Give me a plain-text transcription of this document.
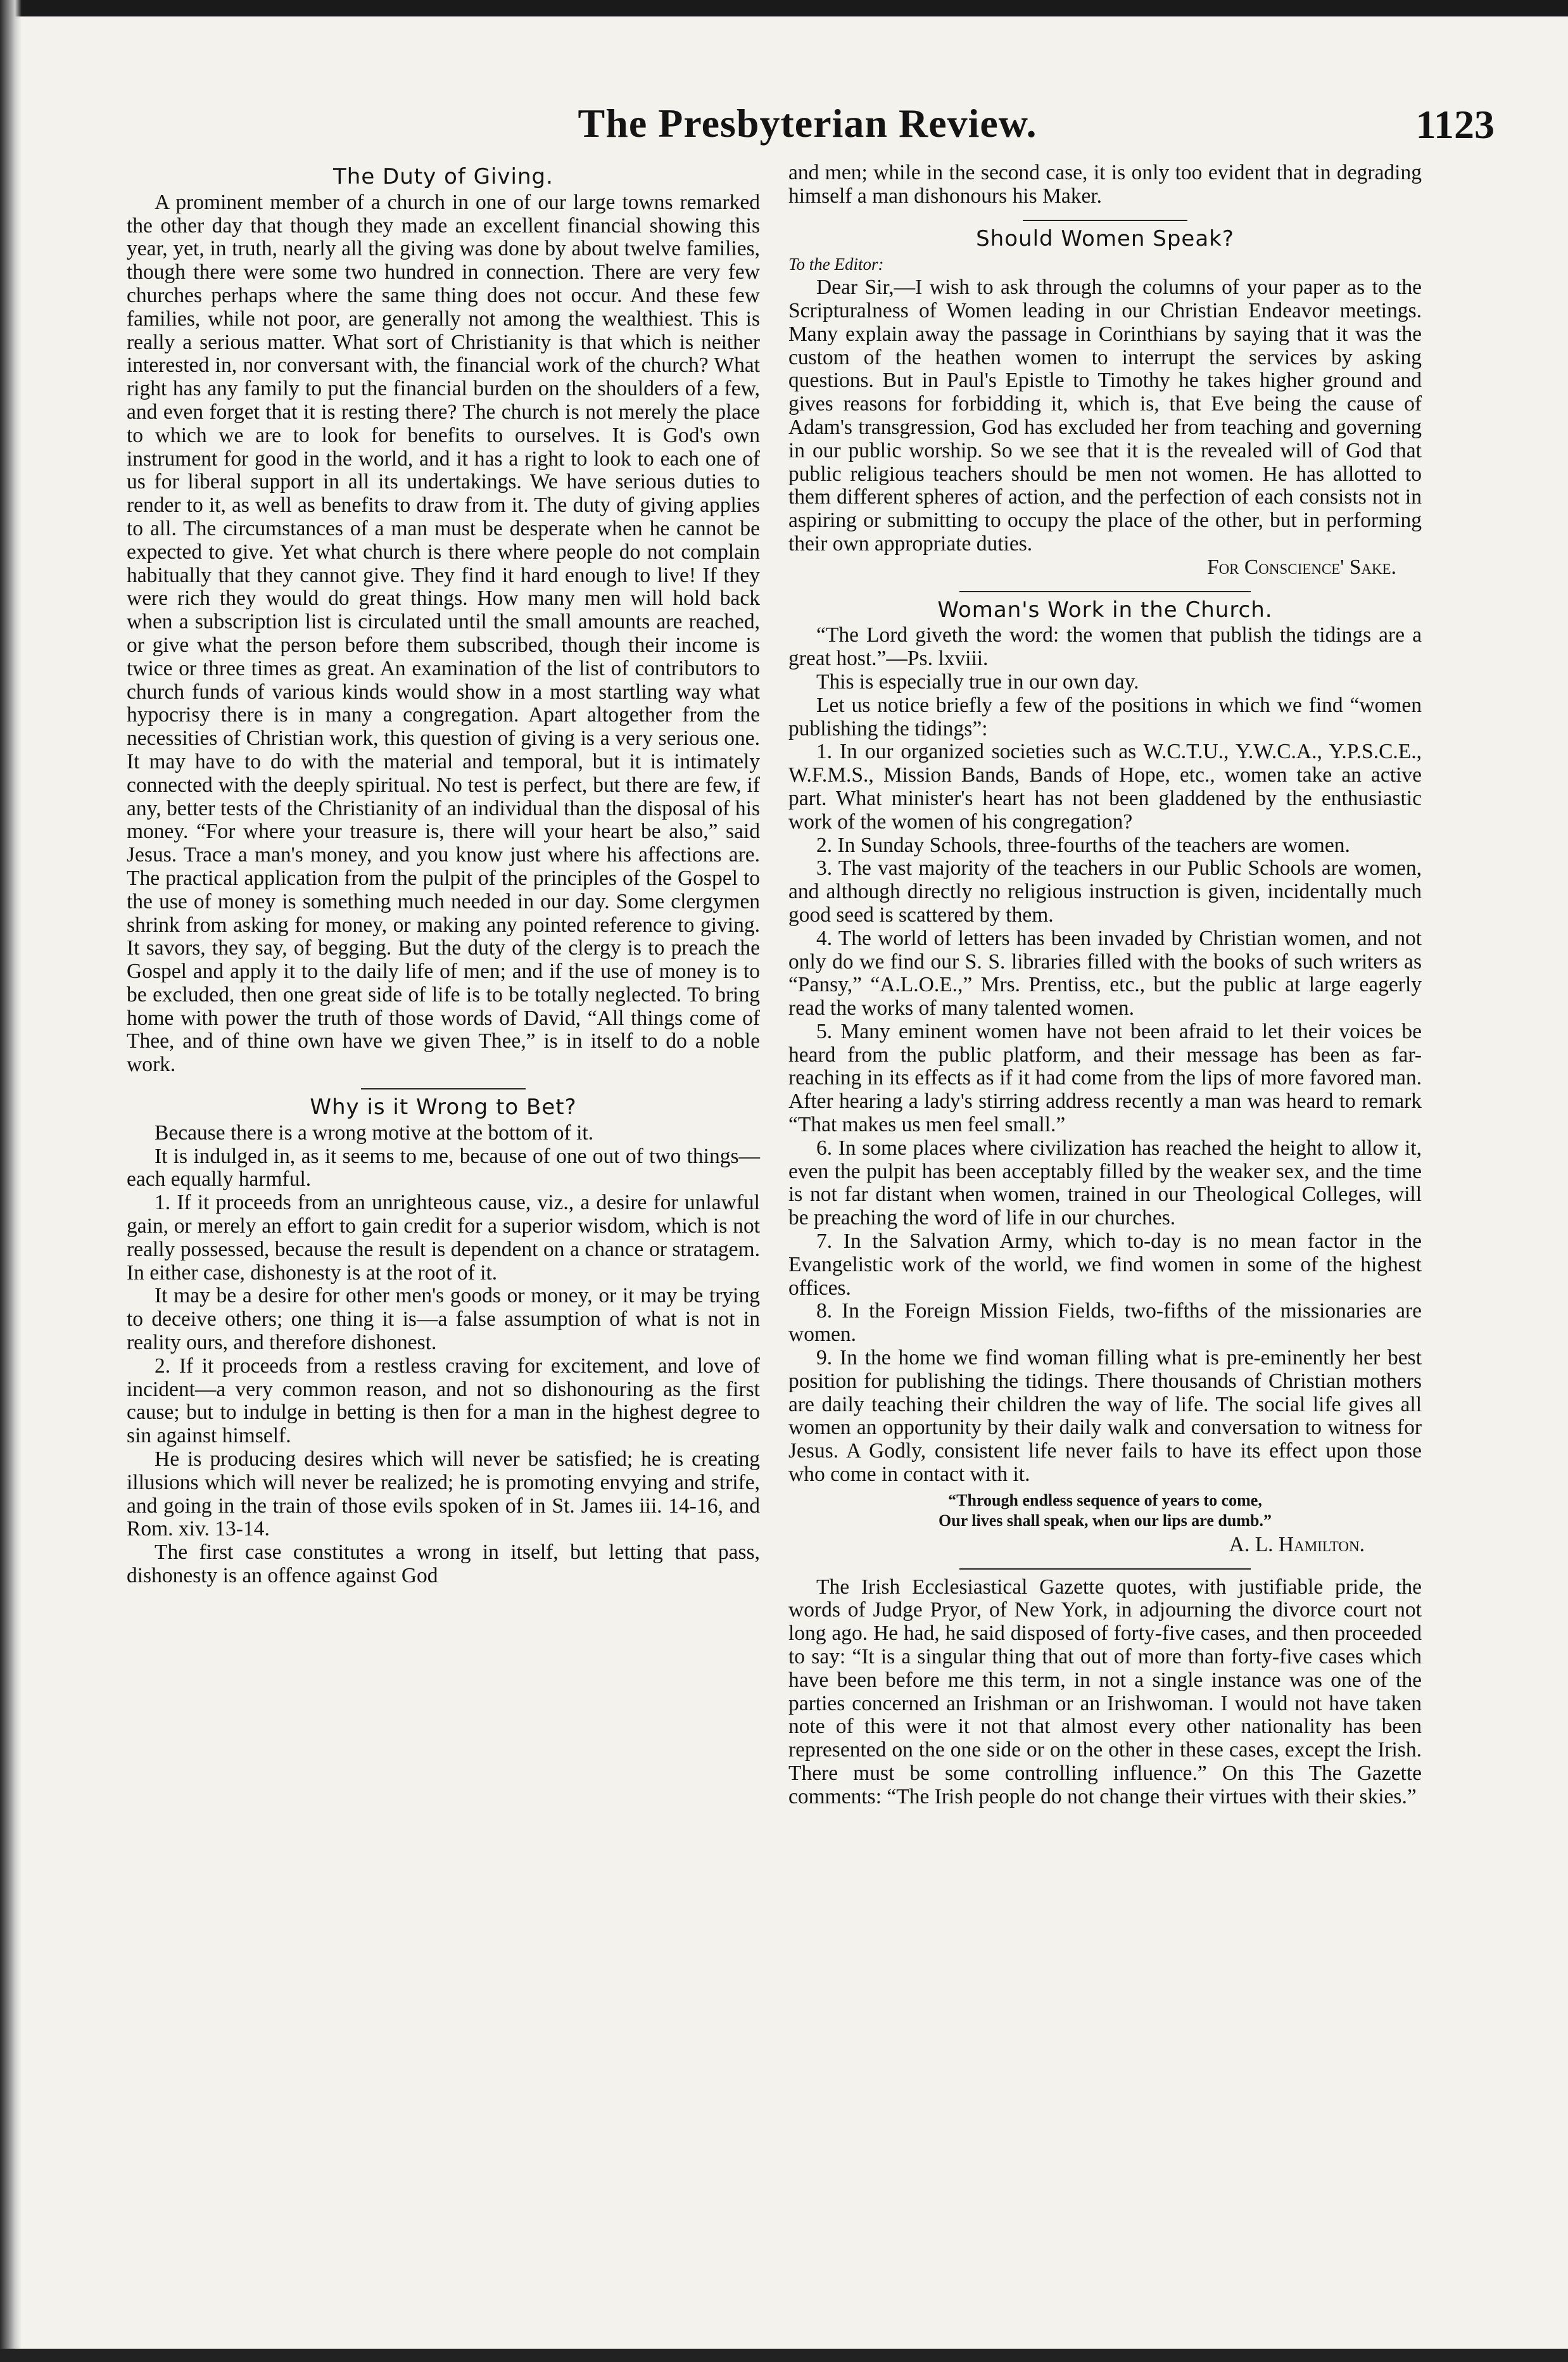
The Presbyterian Review.	1123
The Duty of Giving.

A prominent member of a church in one of our large towns remarked the other day that though they made an excellent financial showing this year, yet, in truth, nearly all the giving was done by about twelve families, though there were some two hundred in connection. There are very few churches perhaps where the same thing does not occur. And these few families, while not poor, are generally not among the wealthiest. This is really a serious matter. What sort of Christianity is that which is neither interested in, nor conversant with, the financial work of the church? What right has any family to put the financial burden on the shoulders of a few, and even forget that it is resting there? The church is not merely the place to which we are to look for benefits to ourselves. It is God's own instrument for good in the world, and it has a right to look to each one of us for liberal support in all its undertakings. We have serious duties to render to it, as well as benefits to draw from it. The duty of giving applies to all. The circumstances of a man must be desperate when he cannot be expected to give. Yet what church is there where people do not complain habitually that they cannot give. They find it hard enough to live! If they were rich they would do great things. How many men will hold back when a subscription list is circulated until the small amounts are reached, or give what the person before them subscribed, though their income is twice or three times as great. An examination of the list of contributors to church funds of various kinds would show in a most startling way what hypocrisy there is in many a congregation. Apart altogether from the necessities of Christian work, this question of giving is a very serious one. It may have to do with the material and temporal, but it is intimately connected with the deeply spiritual. No test is perfect, but there are few, if any, better tests of the Christianity of an individual than the disposal of his money. “For where your treasure is, there will your heart be also,” said Jesus. Trace a man's money, and you know just where his affections are. The practical application from the pulpit of the principles of the Gospel to the use of money is something much needed in our day. Some clergymen shrink from asking for money, or making any pointed reference to giving. It savors, they say, of begging. But the duty of the clergy is to preach the Gospel and apply it to the daily life of men; and if the use of money is to be excluded, then one great side of life is to be totally neglected. To bring home with power the truth of those words of David, “All things come of Thee, and of thine own have we given Thee,” is in itself to do a noble work.

Why is it Wrong to Bet?

Because there is a wrong motive at the bottom of it.

It is indulged in, as it seems to me, because of one out of two things—each equally harmful.

1. If it proceeds from an unrighteous cause, viz., a desire for unlawful gain, or merely an effort to gain credit for a superior wisdom, which is not really possessed, because the result is dependent on a chance or stratagem. In either case, dishonesty is at the root of it.

It may be a desire for other men's goods or money, or it may be trying to deceive others; one thing it is—a false assumption of what is not in reality ours, and therefore dishonest.

2. If it proceeds from a restless craving for excitement, and love of incident—a very common reason, and not so dishonouring as the first cause; but to indulge in betting is then for a man in the highest degree to sin against himself.

He is producing desires which will never be satisfied; he is creating illusions which will never be realized; he is promoting envying and strife, and going in the train of those evils spoken of in St. James iii. 14-16, and Rom. xiv. 13-14.

The first case constitutes a wrong in itself, but letting that pass, dishonesty is an offence against God

and men; while in the second case, it is only too evident that in degrading himself a man dishonours his Maker.

Should Women Speak?
To the Editor:

Dear Sir,—I wish to ask through the columns of your paper as to the Scripturalness of Women leading in our Christian Endeavor meetings. Many explain away the passage in Corinthians by saying that it was the custom of the heathen women to interrupt the services by asking questions. But in Paul's Epistle to Timothy he takes higher ground and gives reasons for forbidding it, which is, that Eve being the cause of Adam's transgression, God has excluded her from teaching and governing in our public worship. So we see that it is the revealed will of God that public religious teachers should be men not women. He has allotted to them different spheres of action, and the perfection of each consists not in aspiring or submitting to occupy the place of the other, but in performing their own appropriate duties.

For Conscience' Sake.
Woman's Work in the Church.

“The Lord giveth the word: the women that publish the tidings are a great host.”—Ps. lxviii.

This is especially true in our own day.

Let us notice briefly a few of the positions in which we find “women publishing the tidings”:

1. In our organized societies such as W.C.T.U., Y.W.C.A., Y.P.S.C.E., W.F.M.S., Mission Bands, Bands of Hope, etc., women take an active part. What minister's heart has not been gladdened by the enthusiastic work of the women of his congregation?

2. In Sunday Schools, three-fourths of the teachers are women.

3. The vast majority of the teachers in our Public Schools are women, and although directly no religious instruction is given, incidentally much good seed is scattered by them.

4. The world of letters has been invaded by Christian women, and not only do we find our S. S. libraries filled with the books of such writers as “Pansy,” “A.L.O.E.,” Mrs. Prentiss, etc., but the public at large eagerly read the works of many talented women.

5. Many eminent women have not been afraid to let their voices be heard from the public platform, and their message has been as far-reaching in its effects as if it had come from the lips of more favored man. After hearing a lady's stirring address recently a man was heard to remark “That makes us men feel small.”

6. In some places where civilization has reached the height to allow it, even the pulpit has been acceptably filled by the weaker sex, and the time is not far distant when women, trained in our Theological Colleges, will be preaching the word of life in our churches.

7. In the Salvation Army, which to-day is no mean factor in the Evangelistic work of the world, we find women in some of the highest offices.

8. In the Foreign Mission Fields, two-fifths of the missionaries are women.

9. In the home we find woman filling what is pre-eminently her best position for publishing the tidings. There thousands of Christian mothers are daily teaching their children the way of life. The social life gives all women an opportunity by their daily walk and conversation to witness for Jesus. A Godly, consistent life never fails to have its effect upon those who come in contact with it.

“Through endless sequence of years to come,
Our lives shall speak, when our lips are dumb.”
A. L. Hamilton.

The Irish Ecclesiastical Gazette quotes, with justifiable pride, the words of Judge Pryor, of New York, in adjourning the divorce court not long ago. He had, he said disposed of forty-five cases, and then proceeded to say: “It is a singular thing that out of more than forty-five cases which have been before me this term, in not a single instance was one of the parties concerned an Irishman or an Irishwoman. I would not have taken note of this were it not that almost every other nationality has been represented on the one side or on the other in these cases, except the Irish. There must be some controlling influence.” On this The Gazette comments: “The Irish people do not change their virtues with their skies.”
